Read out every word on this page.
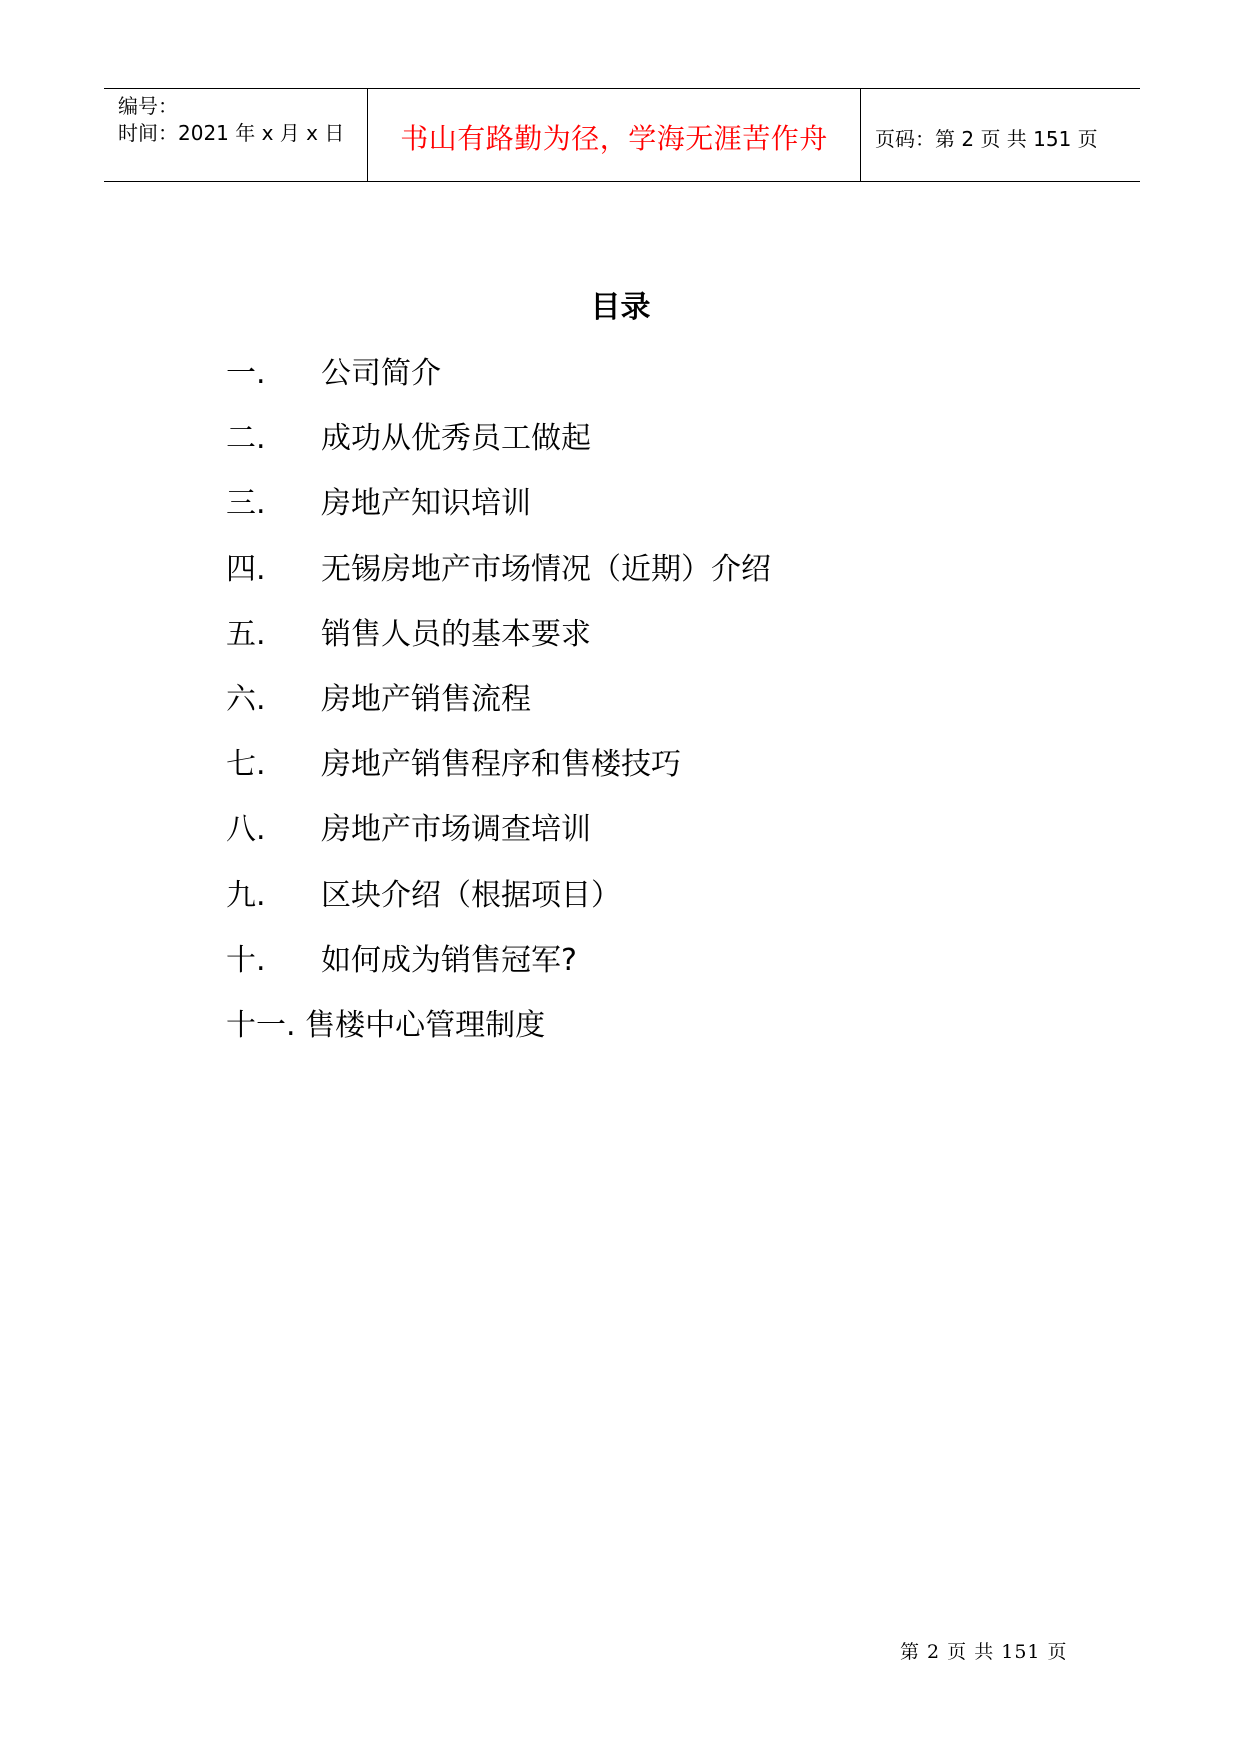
编号：
时间：2021 年 x 月 x 日 书山有路勤为径，学海无涯苦作舟 页码：第 2 页 共 151 页
目录
一. 公司简介
二. 成功从优秀员工做起
三. 房地产知识培训
四. 无锡房地产市场情况（近期）介绍
五. 销售人员的基本要求
六. 房地产销售流程
七. 房地产销售程序和售楼技巧
八. 房地产市场调查培训
九. 区块介绍（根据项目）
十. 如何成为销售冠军?
十一. 售楼中心管理制度
第 2 页 共 151 页
